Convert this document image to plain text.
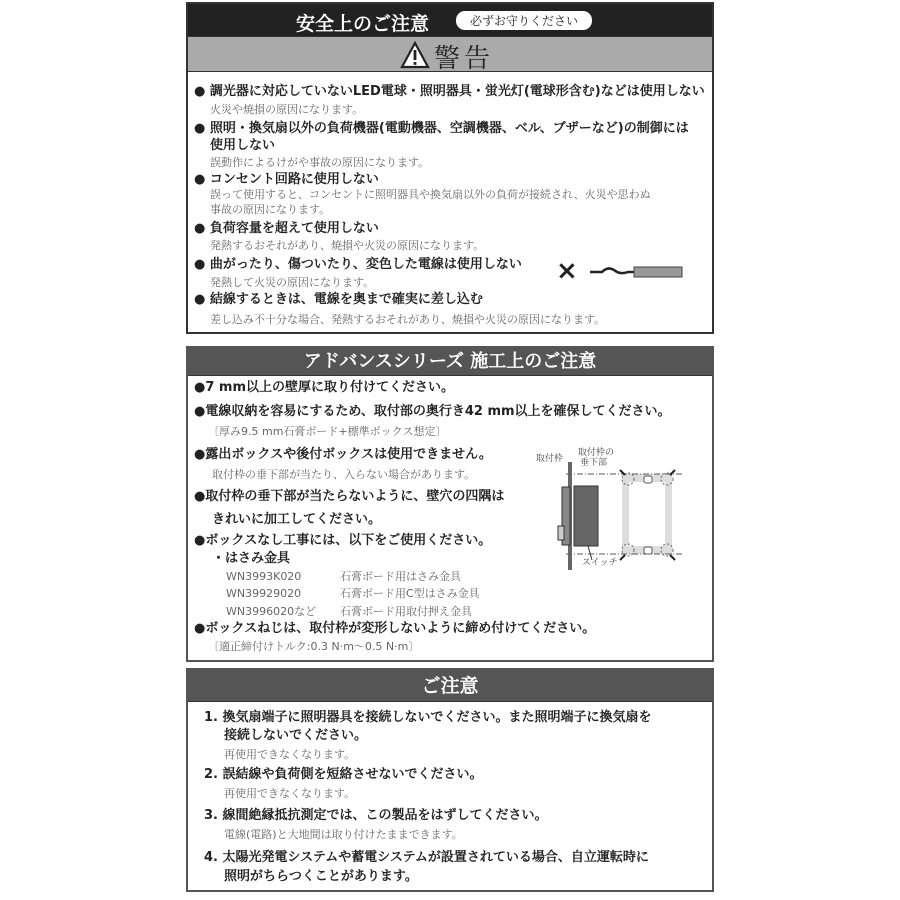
安全上のご注意	必ずお守りください
警告
● 調光器に対応していないLED電球・照明器具・蛍光灯(電球形含む)などは使用しない
火災や焼損の原因になります。
● 照明・換気扇以外の負荷機器(電動機器、空調機器、ベル、ブザーなど)の制御には
使用しない
誤動作によるけがや事故の原因になります。
● コンセント回路に使用しない
誤って使用すると、コンセントに照明器具や換気扇以外の負荷が接続され、火災や思わぬ
事故の原因になります。
● 負荷容量を超えて使用しない
発熱するおそれがあり、焼損や火災の原因になります。
● 曲がったり、傷ついたり、変色した電線は使用しない
発熱して火災の原因になります。	×
● 結線するときは、電線を奥まで確実に差し込む
差し込み不十分な場合、発熱するおそれがあり、焼損や火災の原因になります。
アドバンスシリーズ 施工上のご注意
●7 mm以上の壁厚に取り付けてください。
●電線収納を容易にするため、取付部の奥行き42 mm以上を確保してください。
〔厚み9.5 mm石膏ボード+標準ボックス想定〕
●露出ボックスや後付ボックスは使用できません。
取付枠の垂下部が当たり、入らない場合があります。
●取付枠の垂下部が当たらないように、壁穴の四隅は
きれいに加工してください。
●ボックスなし工事には、以下をご使用ください。
・はさみ金具
WN3993K020	石膏ボード用はさみ金具
WN39929020	石膏ボード用C型はさみ金具
WN3996020など 石膏ボード用取付押え金具
●ボックスねじは、取付枠が変形しないように締め付けてください。
〔適正締付けトルク:0.3 N·m～0.5 N·m〕
取付枠
取付枠の
垂下部
スイッチ
ご注意
1. 換気扇端子に照明器具を接続しないでください。また照明端子に換気扇を
接続しないでください。
再使用できなくなります。
2. 誤結線や負荷側を短絡させないでください。
再使用できなくなります。
3. 線間絶縁抵抗測定では、この製品をはずしてください。
電線(電路)と大地間は取り付けたままできます。
4. 太陽光発電システムや蓄電システムが設置されている場合、自立運転時に
照明がちらつくことがあります。
